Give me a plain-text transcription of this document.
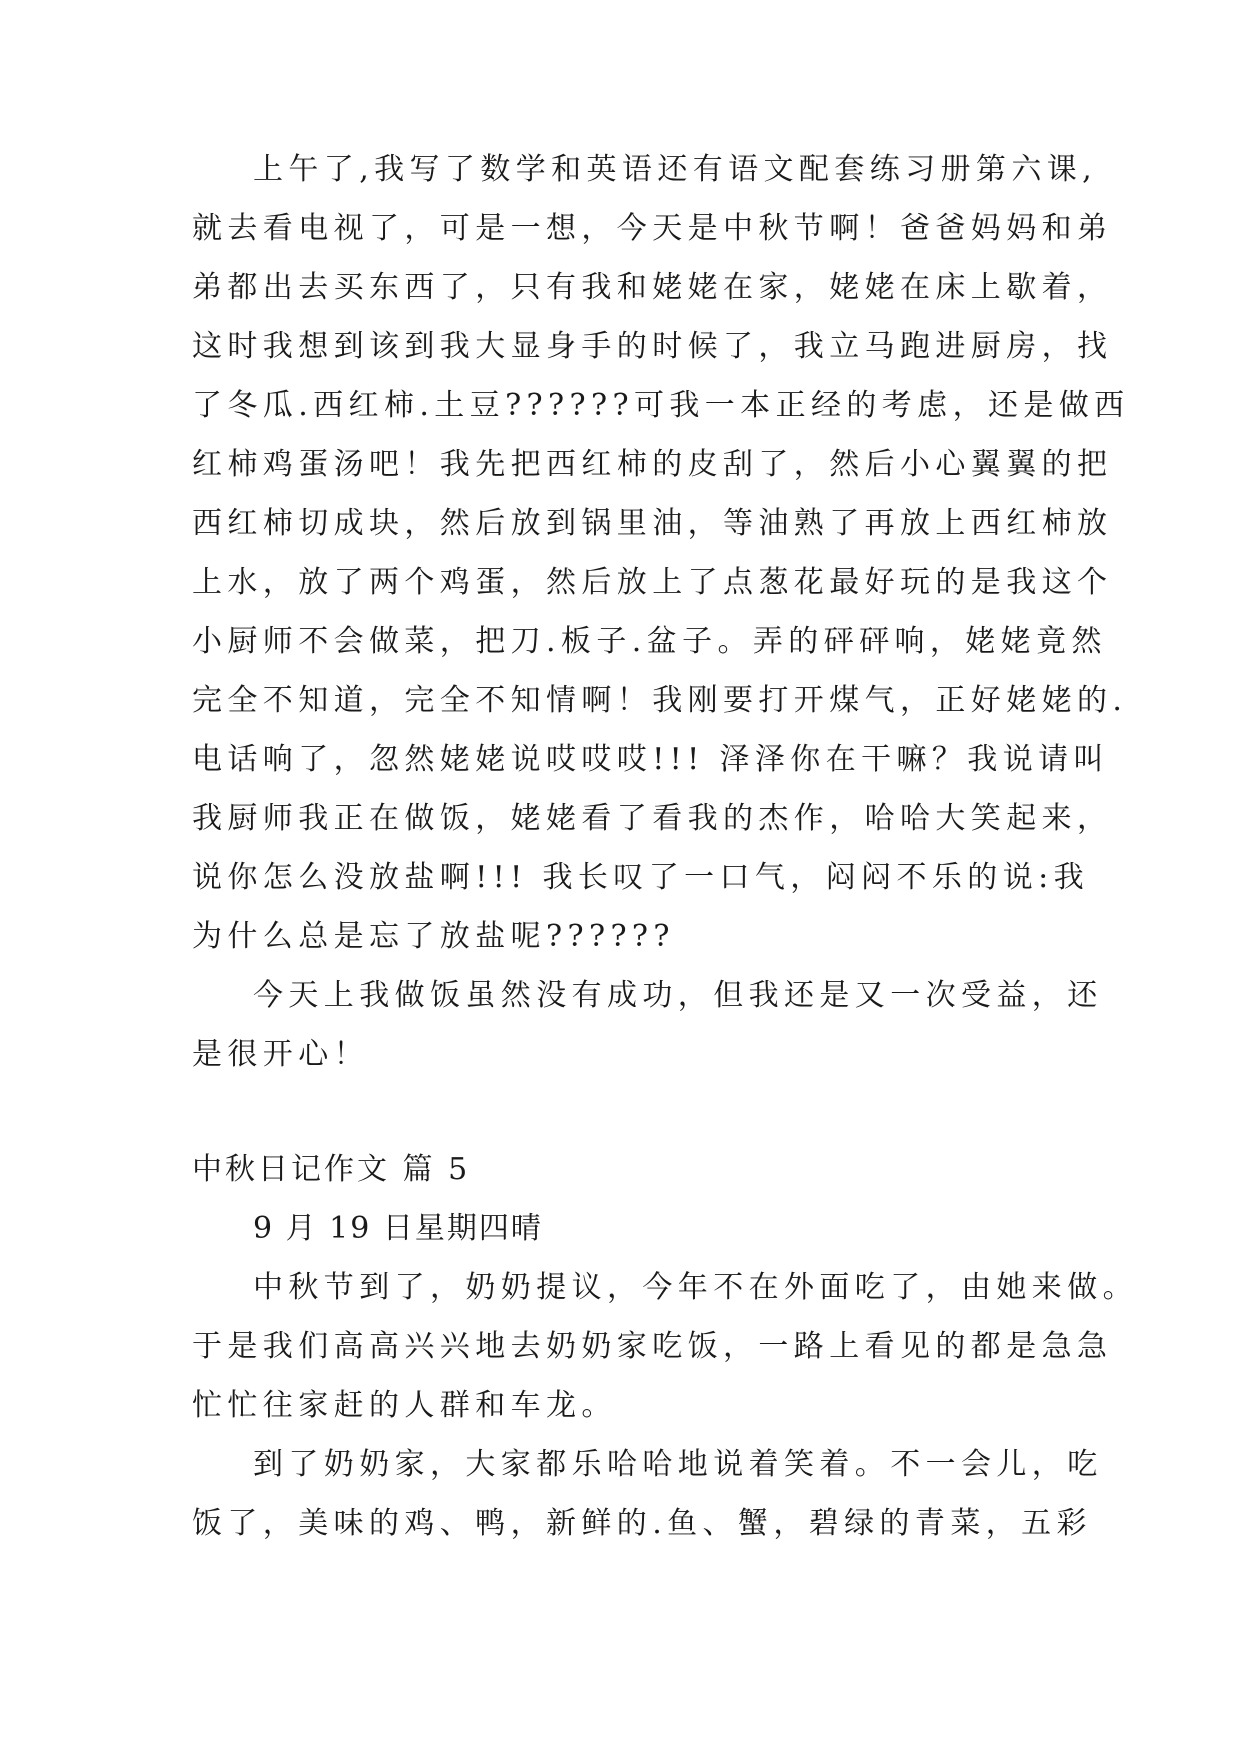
上午了,我写了数学和英语还有语文配套练习册第六课,
就去看电视了，可是一想，今天是中秋节啊！爸爸妈妈和弟
弟都出去买东西了，只有我和姥姥在家，姥姥在床上歇着，
这时我想到该到我大显身手的时候了，我立马跑进厨房，找
了冬瓜.西红柿.土豆??????可我一本正经的考虑，还是做西
红柿鸡蛋汤吧！我先把西红柿的皮刮了，然后小心翼翼的把
西红柿切成块，然后放到锅里油，等油熟了再放上西红柿放
上水，放了两个鸡蛋，然后放上了点葱花最好玩的是我这个
小厨师不会做菜，把刀.板子.盆子。弄的砰砰响，姥姥竟然
完全不知道，完全不知情啊！我刚要打开煤气，正好姥姥的.
电话响了，忽然姥姥说哎哎哎!!! 泽泽你在干嘛？我说请叫
我厨师我正在做饭，姥姥看了看我的杰作，哈哈大笑起来，
说你怎么没放盐啊!!! 我长叹了一口气，闷闷不乐的说:我
为什么总是忘了放盐呢??????
今天上我做饭虽然没有成功，但我还是又一次受益，还
是很开心！
中秋日记作文 篇 5
9 月 19 日星期四晴
中秋节到了，奶奶提议，今年不在外面吃了，由她来做。
于是我们高高兴兴地去奶奶家吃饭，一路上看见的都是急急
忙忙往家赶的人群和车龙。
到了奶奶家，大家都乐哈哈地说着笑着。不一会儿，吃
饭了，美味的鸡、鸭，新鲜的.鱼、蟹，碧绿的青菜，五彩
